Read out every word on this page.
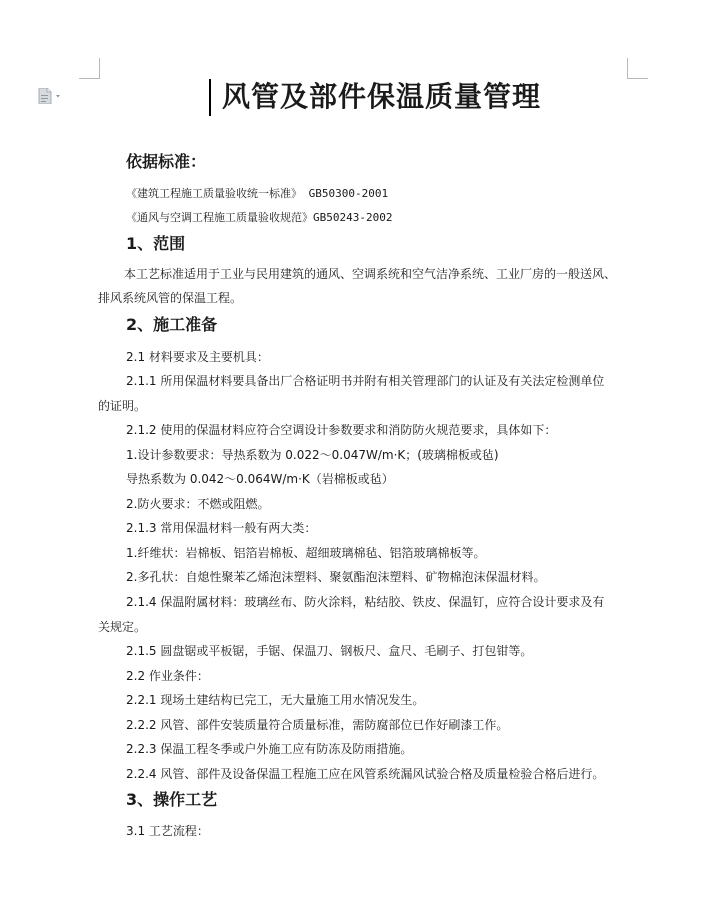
风管及部件保温质量管理
依据标准：
《建筑工程施工质量验收统一标准》 GB50300-2001
《通风与空调工程施工质量验收规范》GB50243-2002
1、范围
本工艺标准适用于工业与民用建筑的通风、空调系统和空气洁净系统、工业厂房的一般送风、
排风系统风管的保温工程。
2、施工准备
2.1 材料要求及主要机具：
2.1.1 所用保温材料要具备出厂合格证明书并附有相关管理部门的认证及有关法定检测单位
的证明。
2.1.2 使用的保温材料应符合空调设计参数要求和消防防火规范要求，具体如下：
1.设计参数要求：导热系数为 0.022～0.047W/m·K；(玻璃棉板或毡)
导热系数为 0.042～0.064W/m·K（岩棉板或毡）
2.防火要求：不燃或阻燃。
2.1.3 常用保温材料一般有两大类：
1.纤维状：岩棉板、铝箔岩棉板、超细玻璃棉毡、铝箔玻璃棉板等。
2.多孔状：自熄性聚苯乙烯泡沫塑料、聚氨酯泡沫塑料、矿物棉泡沫保温材料。
2.1.4 保温附属材料：玻璃丝布、防火涂料，粘结胶、铁皮、保温钉，应符合设计要求及有
关规定。
2.1.5 圆盘锯或平板锯，手锯、保温刀、钢板尺、盒尺、毛刷子、打包钳等。
2.2 作业条件：
2.2.1 现场土建结构已完工，无大量施工用水情况发生。
2.2.2 风管、部件安装质量符合质量标准，需防腐部位已作好刷漆工作。
2.2.3 保温工程冬季或户外施工应有防冻及防雨措施。
2.2.4 风管、部件及设备保温工程施工应在风管系统漏风试验合格及质量检验合格后进行。
3、操作工艺
3.1 工艺流程：
